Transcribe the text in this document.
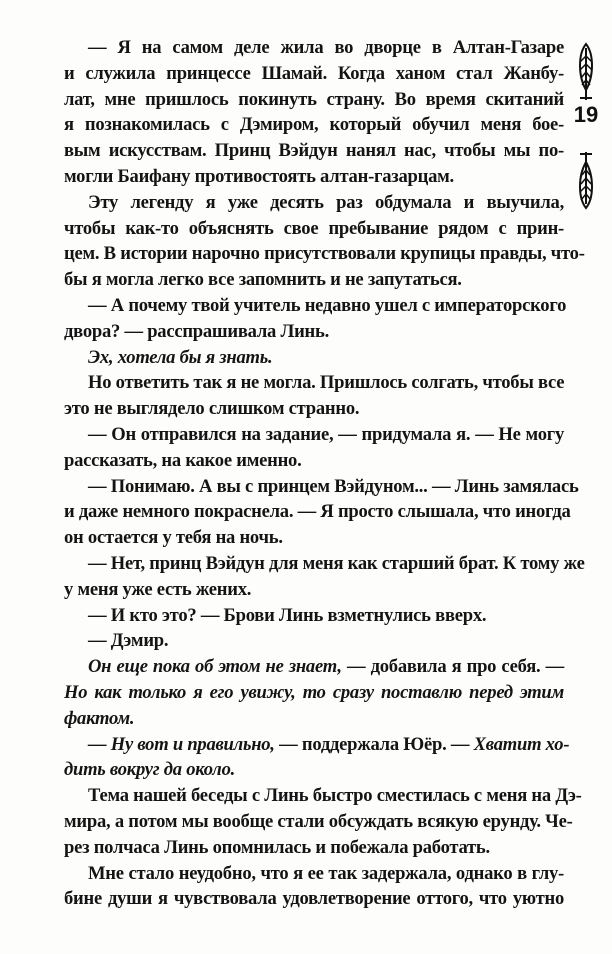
19
— Я на самом деле жила во дворце в Алтан-Газаре
и служила принцессе Шамай. Когда ханом стал Жанбу-
лат, мне пришлось покинуть страну. Во время скитаний
я познакомилась с Дэмиром, который обучил меня бое-
вым искусствам. Принц Вэйдун нанял нас, чтобы мы по-
могли Баифану противостоять алтан-газарцам.
Эту легенду я уже десять раз обдумала и выучила,
чтобы как-то объяснять свое пребывание рядом с прин-
цем. В истории нарочно присутствовали крупицы правды, что-
бы я могла легко все запомнить и не запутаться.
— А почему твой учитель недавно ушел с императорского
двора? — расспрашивала Линь.
Эх, хотела бы я знать.
Но ответить так я не могла. Пришлось солгать, чтобы все
это не выглядело слишком странно.
— Он отправился на задание, — придумала я. — Не могу
рассказать, на какое именно.
— Понимаю. А вы с принцем Вэйдуном... — Линь замялась
и даже немного покраснела. — Я просто слышала, что иногда
он остается у тебя на ночь.
— Нет, принц Вэйдун для меня как старший брат. К тому же
у меня уже есть жених.
— И кто это? — Брови Линь взметнулись вверх.
— Дэмир.
Он еще пока об этом не знает, — добавила я про себя. —
Но как только я его увижу, то сразу поставлю перед этим
фактом.
— Ну вот и правильно, — поддержала Юёр. — Хватит хо-
дить вокруг да около.
Тема нашей беседы с Линь быстро сместилась с меня на Дэ-
мира, а потом мы вообще стали обсуждать всякую ерунду. Че-
рез полчаса Линь опомнилась и побежала работать.
Мне стало неудобно, что я ее так задержала, однако в глу-
бине души я чувствовала удовлетворение оттого, что уютно
